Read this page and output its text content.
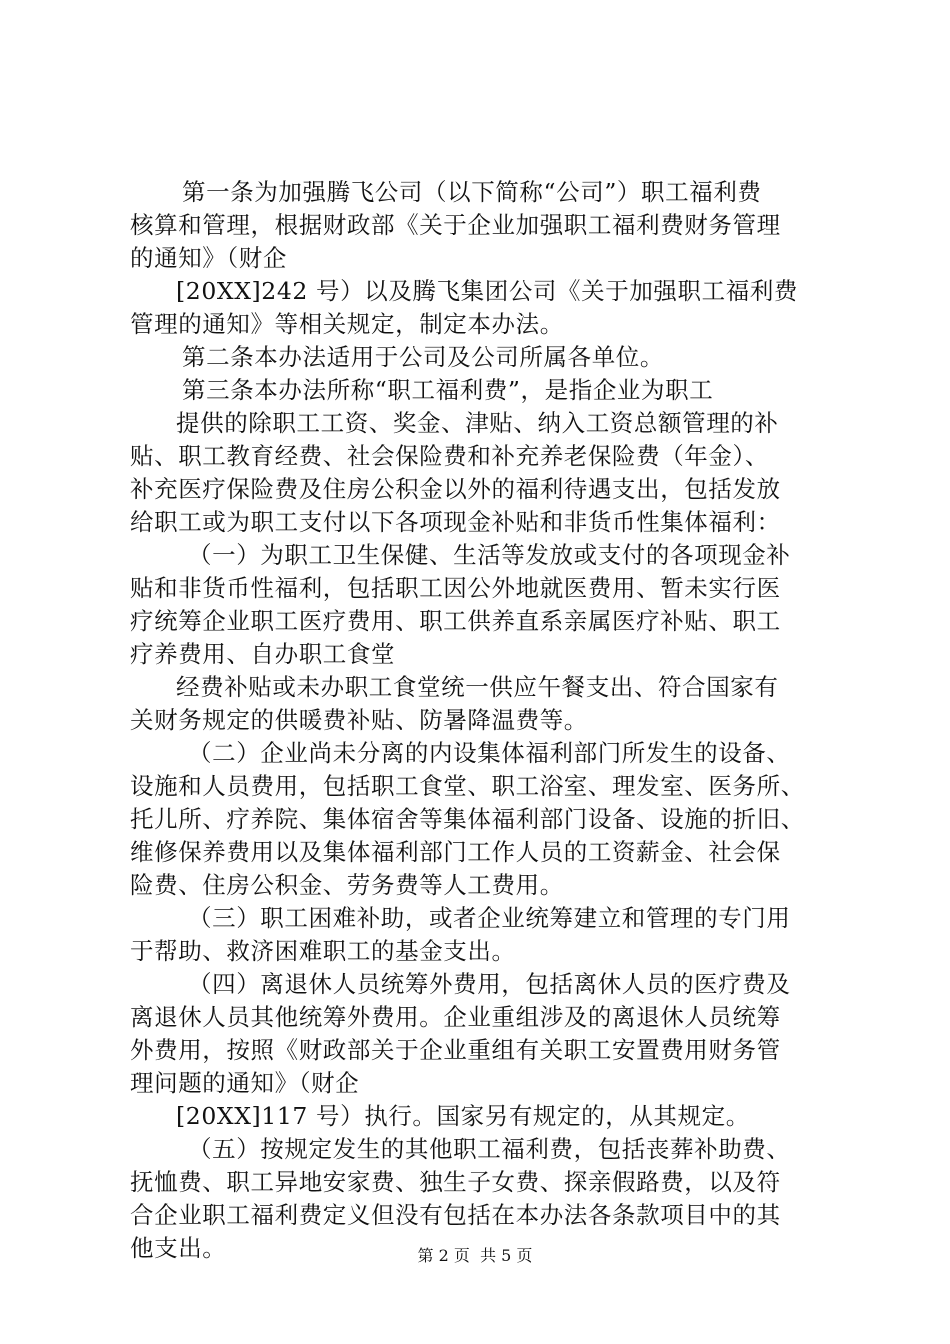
第一条为加强腾飞公司（以下简称“公司”）职工福利费
核算和管理，根据财政部《关于企业加强职工福利费财务管理
的通知》（财企
[20XX]242 号）以及腾飞集团公司《关于加强职工福利费
管理的通知》等相关规定，制定本办法。
第二条本办法适用于公司及公司所属各单位。
第三条本办法所称“职工福利费”，是指企业为职工
提供的除职工工资、奖金、津贴、纳入工资总额管理的补
贴、职工教育经费、社会保险费和补充养老保险费（年金）、
补充医疗保险费及住房公积金以外的福利待遇支出，包括发放
给职工或为职工支付以下各项现金补贴和非货币性集体福利：
（一）为职工卫生保健、生活等发放或支付的各项现金补
贴和非货币性福利，包括职工因公外地就医费用、暂未实行医
疗统筹企业职工医疗费用、职工供养直系亲属医疗补贴、职工
疗养费用、自办职工食堂
经费补贴或未办职工食堂统一供应午餐支出、符合国家有
关财务规定的供暖费补贴、防暑降温费等。
（二）企业尚未分离的内设集体福利部门所发生的设备、
设施和人员费用，包括职工食堂、职工浴室、理发室、医务所、
托儿所、疗养院、集体宿舍等集体福利部门设备、设施的折旧、
维修保养费用以及集体福利部门工作人员的工资薪金、社会保
险费、住房公积金、劳务费等人工费用。
（三）职工困难补助，或者企业统筹建立和管理的专门用
于帮助、救济困难职工的基金支出。
（四）离退休人员统筹外费用，包括离休人员的医疗费及
离退休人员其他统筹外费用。企业重组涉及的离退休人员统筹
外费用，按照《财政部关于企业重组有关职工安置费用财务管
理问题的通知》（财企
[20XX]117 号）执行。国家另有规定的，从其规定。
（五）按规定发生的其他职工福利费，包括丧葬补助费、
抚恤费、职工异地安家费、独生子女费、探亲假路费，以及符
合企业职工福利费定义但没有包括在本办法各条款项目中的其
他支出。	第 2 页  共 5 页
